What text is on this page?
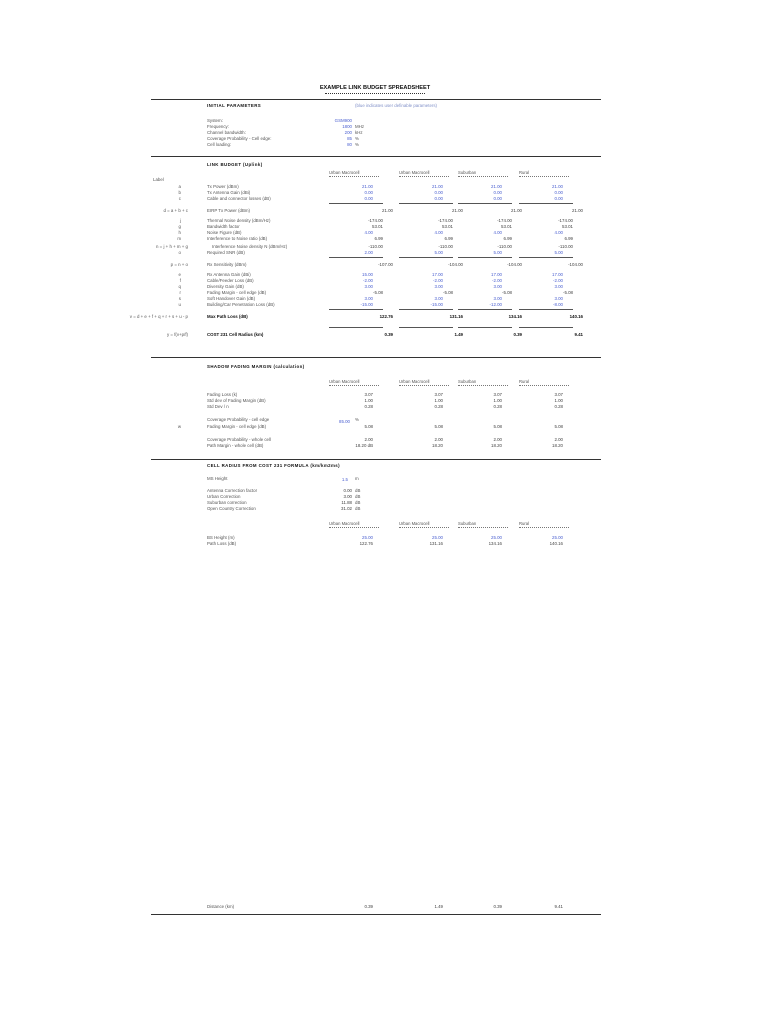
EXAMPLE LINK BUDGET SPREADSHEET
INITIAL PARAMETERS	(blue indicates user definable parameters)
System:	GSM900
Frequency:	1800 MHz
Channel bandwidth:	200 kHz
Coverage Probability - Cell edge:	85 %
Cell loading:	80 %
LINK BUDGET (Uplink)
Label
Urban Macrocell	Urban Macrocell	Suburban	Rural
a	Tx Power (dBm)	21.00	21.00	21.00	21.00
b	Tx Antenna Gain (dBi)	0.00	0.00	0.00	0.00
c	Cable and connector losses (dB)	0.00	0.00	0.00	0.00
d = a + b + c	EIRP Tx Power (dBm)	21.00	21.00	21.00	21.00
j	Thermal Noise density (dBm/Hz)	-174.00	-174.00	-174.00	-174.00
g	Bandwidth factor	53.01	53.01	53.01	53.01
h	Noise Figure (dB)	4.00	4.00	4.00	4.00
m	Interference to Noise ratio (dB)	6.99	6.99	6.99	6.99
n = j + h + m + g	Interference Noise density N (dBm/Hz)	-110.00	-110.00	-110.00	-110.00
o	Required SNR (dB)	2.00	5.00	5.00	5.00
p = n + o	Rx Sensitivity (dBm)	-107.00	-104.00	-104.00	-104.00
e	Rx Antenna Gain (dBi)	15.00	17.00	17.00	17.00
f	Cable/Feeder Loss (dB)	-2.00	-2.00	-2.00	-2.00
q	Diversity Gain (dB)	3.00	3.00	3.00	3.00
r	Fading Margin - cell edge (dB)	-5.08	-5.08	-5.08	-5.08
s	Soft Handover Gain (dB)	3.00	3.00	3.00	3.00
u	Building/Car Penetration Loss (dB)	-15.00	-15.00	-12.00	-8.00
v = d + e + f + q + r + s + u - p	Max Path Loss (dB)	122.76	131.16	134.16	140.16
y = f(v+p/f)	COST 231 Cell Radius (km)	0.39	1.49	0.39	9.41
SHADOW FADING MARGIN (calculation)
Urban Macrocell	Urban Macrocell	Suburban	Rural
Fading Loss (k)	3.07	3.07	3.07	3.07
Std dev of Fading Margin (dB)	1.00	1.00	1.00	1.00
Std Dev / n	0.28	0.28	0.28	0.28
Coverage Probability - cell edge	85.00 %
w	Fading Margin - cell edge (dB)	5.08	5.08	5.08	5.08
Coverage Probability - whole cell	2.00	2.00	2.00	2.00
Path Margin - whole cell (dB)	18.20 dB	18.20	18.20	18.20
CELL RADIUS FROM COST 231 FORMULA (km/km2ms)
MS Height	1.5 m
Antenna Correction factor	0.00 dB
Urban Correction	3.00 dB
Suburban correction	11.88 dB
Open Country Correction	31.02 dB
BS Height (m)	25.00	25.00	25.00	25.00
Path Loss (dB)	122.76	131.16	134.16	140.16
Urban Macrocell	Urban Macrocell	Suburban	Rural
Distance (km)	0.39	1.49	0.39	9.41
